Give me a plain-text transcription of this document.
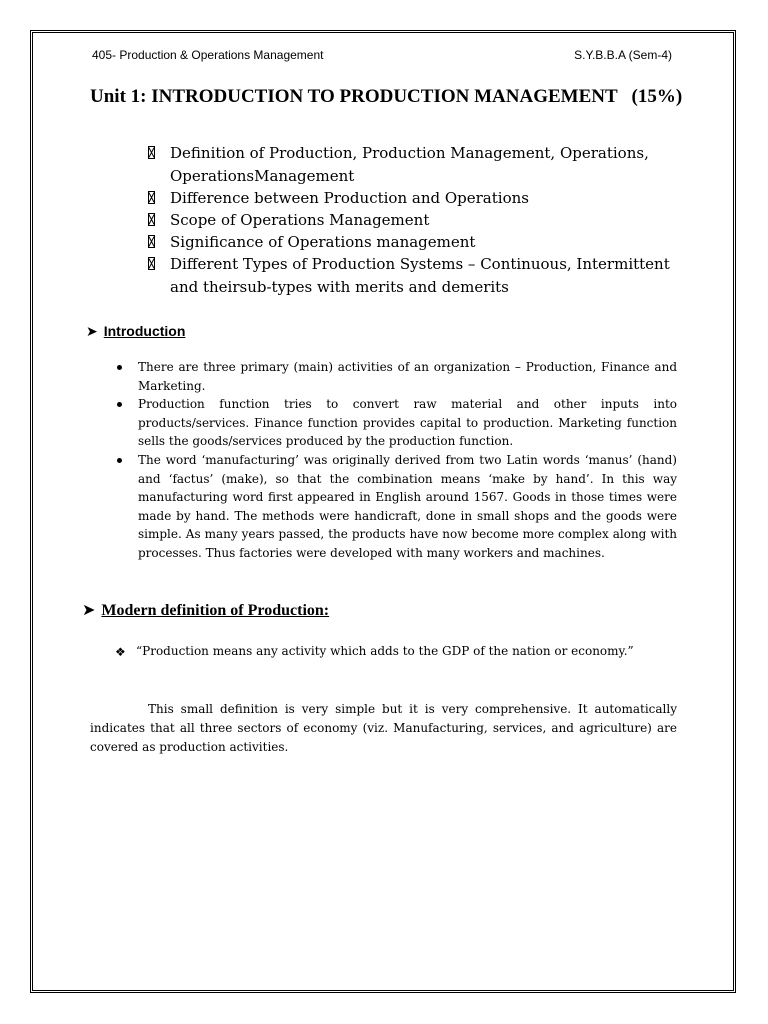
405- Production & Operations Management	S.Y.B.B.A (Sem-4)
Unit 1: INTRODUCTION TO PRODUCTION MANAGEMENT   (15%)
Definition of Production, Production Management, Operations, OperationsManagement
Difference between Production and Operations
Scope of Operations Management
Significance of Operations management
Different Types of Production Systems – Continuous, Intermittent and theirsub-types with merits and demerits
➤ Introduction
There are three primary (main) activities of an organization – Production, Finance and Marketing.
Production function tries to convert raw material and other inputs into products/services. Finance function provides capital to production. Marketing function sells the goods/services produced by the production function.
The word ‘manufacturing’ was originally derived from two Latin words ‘manus’ (hand) and ‘factus’ (make), so that the combination means ‘make by hand’. In this way manufacturing word first appeared in English around 1567. Goods in those times were made by hand. The methods were handicraft, done in small shops and the goods were simple. As many years passed, the products have now become more complex along with processes. Thus factories were developed with many workers and machines.
➤ Modern definition of Production:
❖ “Production means any activity which adds to the GDP of the nation or economy.”
This small definition is very simple but it is very comprehensive. It automatically indicates that all three sectors of economy (viz. Manufacturing, services, and agriculture) are covered as production activities.
